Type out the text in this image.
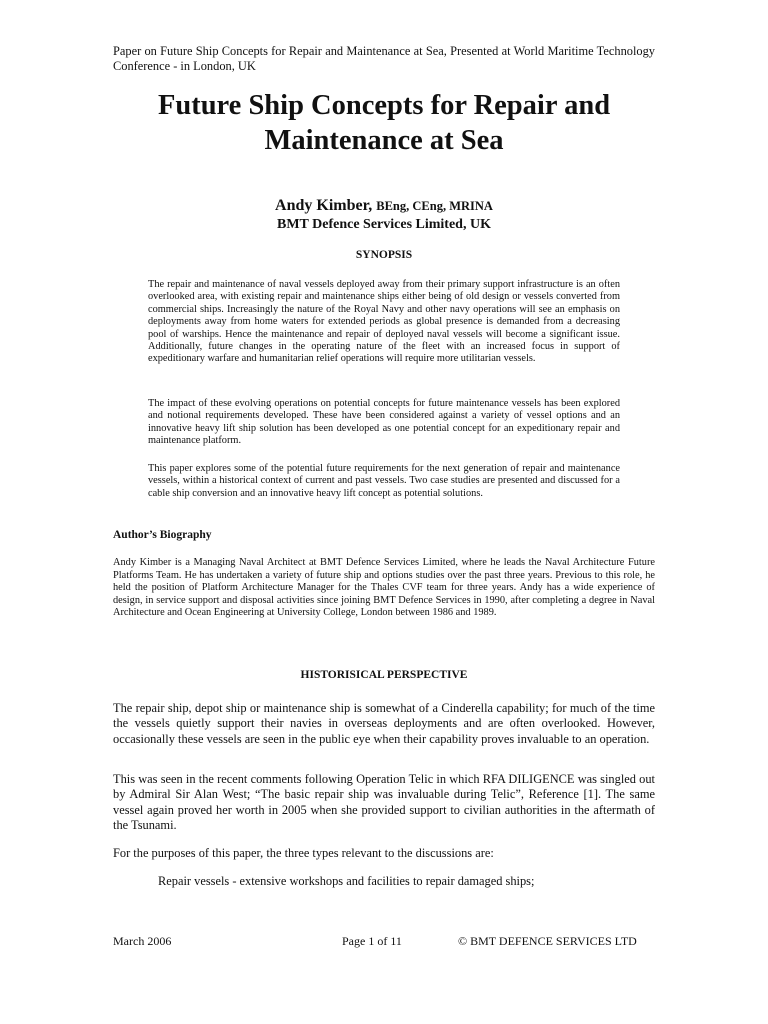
Paper on Future Ship Concepts for Repair and Maintenance at Sea, Presented at World Maritime Technology Conference - in London, UK
Future Ship Concepts for Repair and
Maintenance at Sea
Andy Kimber, BEng, CEng, MRINA
BMT Defence Services Limited, UK
SYNOPSIS

The repair and maintenance of naval vessels deployed away from their primary support infrastructure is an often overlooked area, with existing repair and maintenance ships either being of old design or vessels converted from commercial ships. Increasingly the nature of the Royal Navy and other navy operations will see an emphasis on deployments away from home waters for extended periods as global presence is demanded from a decreasing pool of warships. Hence the maintenance and repair of deployed naval vessels will become a significant issue. Additionally, future changes in the operating nature of the fleet with an increased focus in support of expeditionary warfare and humanitarian relief operations will require more utilitarian vessels.

The impact of these evolving operations on potential concepts for future maintenance vessels has been explored and notional requirements developed. These have been considered against a variety of vessel options and an innovative heavy lift ship solution has been developed as one potential concept for an expeditionary repair and maintenance platform.

This paper explores some of the potential future requirements for the next generation of repair and maintenance vessels, within a historical context of current and past vessels. Two case studies are presented and discussed for a cable ship conversion and an innovative heavy lift concept as potential solutions.

Author’s Biography

Andy Kimber is a Managing Naval Architect at BMT Defence Services Limited, where he leads the Naval Architecture Future Platforms Team. He has undertaken a variety of future ship and options studies over the past three years. Previous to this role, he held the position of Platform Architecture Manager for the Thales CVF team for three years. Andy has a wide experience of design, in service support and disposal activities since joining BMT Defence Services in 1990, after completing a degree in Naval Architecture and Ocean Engineering at University College, London between 1986 and 1989.

HISTORISICAL PERSPECTIVE

The repair ship, depot ship or maintenance ship is somewhat of a Cinderella capability; for much of the time the vessels quietly support their navies in overseas deployments and are often overlooked. However, occasionally these vessels are seen in the public eye when their capability proves invaluable to an operation.

This was seen in the recent comments following Operation Telic in which RFA DILIGENCE was singled out by Admiral Sir Alan West; “The basic repair ship was invaluable during Telic”, Reference [1]. The same vessel again proved her worth in 2005 when she provided support to civilian authorities in the aftermath of the Tsunami.

For the purposes of this paper, the three types relevant to the discussions are:

Repair vessels - extensive workshops and facilities to repair damaged ships;
March 2006	Page 1 of 11	© BMT DEFENCE SERVICES LTD
